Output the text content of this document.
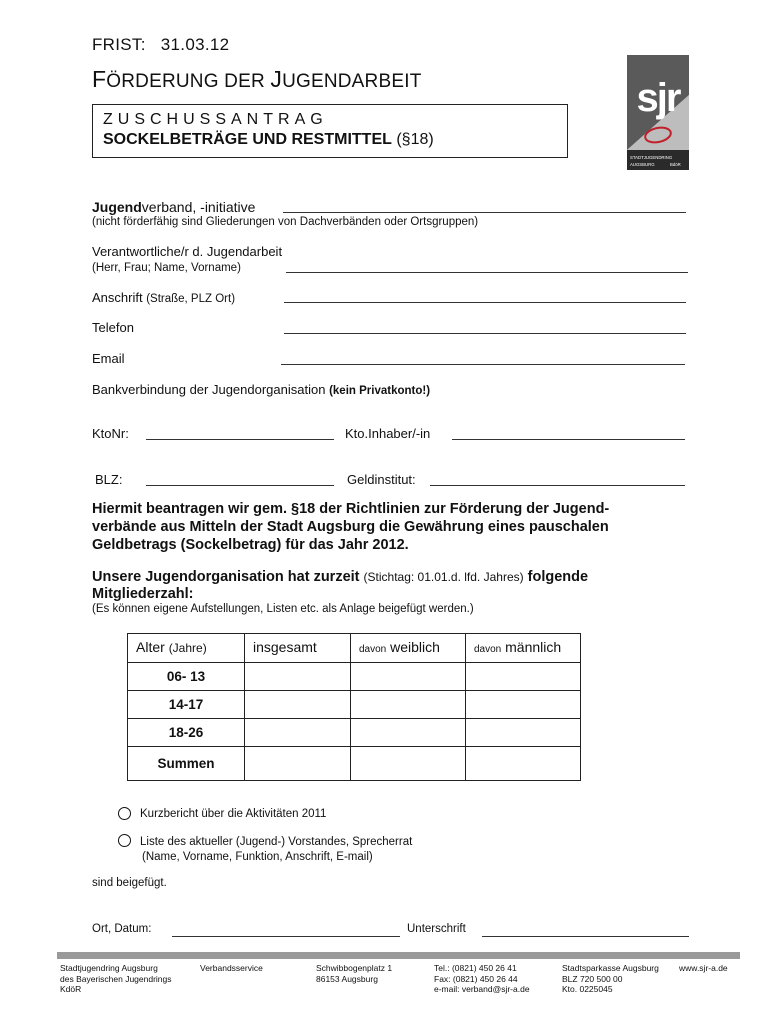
FRIST: 31.03.12
FÖRDERUNG DER JUGENDARBEIT
ZUSCHUSSANTRAG
SOCKELBETRÄGE UND RESTMITTEL (§18)
sjr
STADTJUGENDRING
AUGSBURG	BdöR
Jugendverband, -initiative
(nicht förderfähig sind Gliederungen von Dachverbänden oder Ortsgruppen)
Verantwortliche/r d. Jugendarbeit
(Herr, Frau; Name, Vorname)
Anschrift (Straße, PLZ Ort)
Telefon
Email
Bankverbindung der Jugendorganisation (kein Privatkonto!)
KtoNr:	Kto.Inhaber/-in
BLZ:	Geldinstitut:
Hiermit beantragen wir gem. §18 der Richtlinien zur Förderung der Jugend-
verbände aus Mitteln der Stadt Augsburg die Gewährung eines pauschalen
Geldbetrags (Sockelbetrag) für das Jahr 2012.
Unsere Jugendorganisation hat zurzeit (Stichtag: 01.01.d. lfd. Jahres) folgende
Mitgliederzahl:
(Es können eigene Aufstellungen, Listen etc. als Anlage beigefügt werden.)
Alter (Jahre)	insgesamt	davon weiblich	davon männlich
06- 13			
14-17			
18-26			
Summen			
Kurzbericht über die Aktivitäten 2011
Liste des aktueller (Jugend-) Vorstandes, Sprecherrat
(Name, Vorname, Funktion, Anschrift, E-mail)
sind beigefügt.
Ort, Datum:	Unterschrift
Stadtjugendring Augsburg
des Bayerischen Jugendrings
KdöR
Verbandsservice	Schwibbogenplatz 1
86153 Augsburg
Tel.: (0821) 450 26 41
Fax: (0821) 450 26 44
e-mail: verband@sjr-a.de
Stadtsparkasse Augsburg
BLZ 720 500 00
Kto. 0225045
www.sjr-a.de
